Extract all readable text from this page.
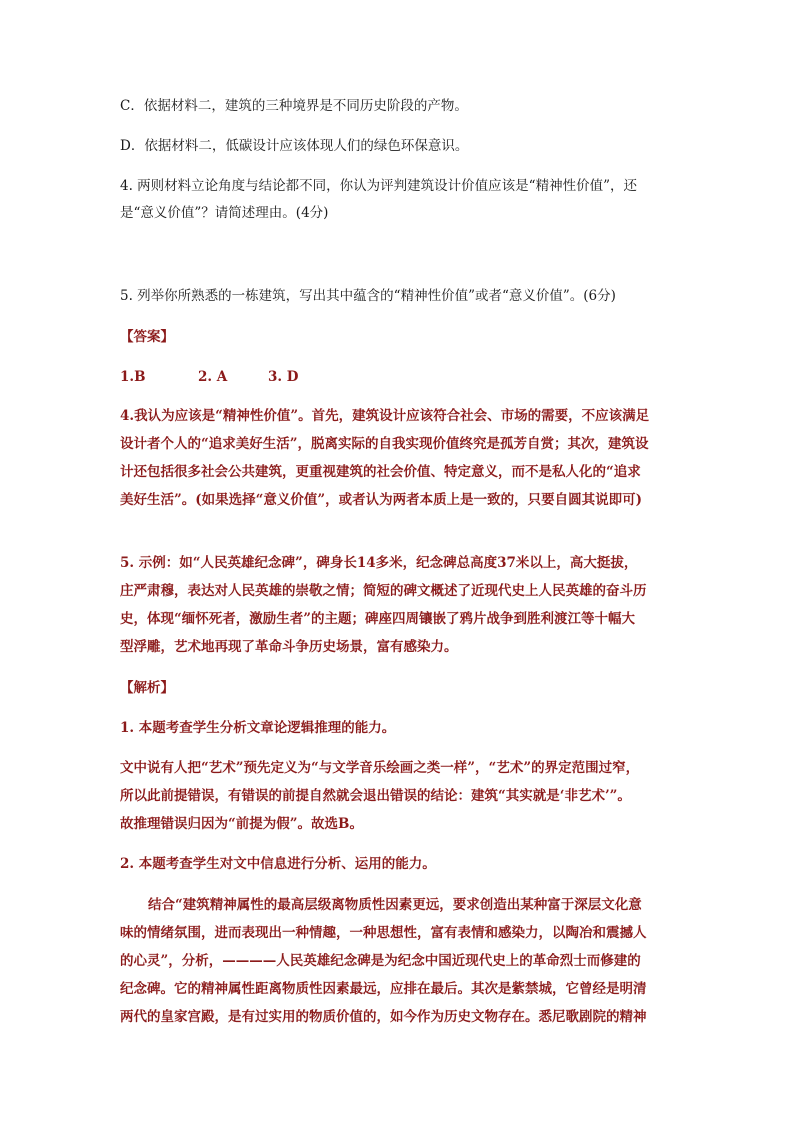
C．依据材料二，建筑的三种境界是不同历史阶段的产物。
D．依据材料二，低碳设计应该体现人们的绿色环保意识。
4. 两则材料立论角度与结论都不同，你认为评判建筑设计价值应该是“精神性价值”，还
是“意义价值”？请简述理由。(4分)
5. 列举你所熟悉的一栋建筑，写出其中蕴含的“精神性价值”或者“意义价值”。(6分)
【答案】
1.B	2. A	3. D
4.我认为应该是“精神性价值”。首先，建筑设计应该符合社会、市场的需要，不应该满足
设计者个人的“追求美好生活”，脱离实际的自我实现价值终究是孤芳自赏；其次，建筑设
计还包括很多社会公共建筑，更重视建筑的社会价值、特定意义，而不是私人化的“追求
美好生活”。(如果选择“意义价值”，或者认为两者本质上是一致的，只要自圆其说即可)
5. 示例：如“人民英雄纪念碑”，碑身长14多米，纪念碑总高度37米以上，高大挺拔，
庄严肃穆，表达对人民英雄的崇敬之情；简短的碑文概述了近现代史上人民英雄的奋斗历
史，体现“缅怀死者，激励生者”的主题；碑座四周镶嵌了鸦片战争到胜利渡江等十幅大
型浮雕，艺术地再现了革命斗争历史场景，富有感染力。
【解析】
1. 本题考查学生分析文章论逻辑推理的能力。
文中说有人把“艺术”预先定义为“与文学音乐绘画之类一样”，“艺术”的界定范围过窄，
所以此前提错误，有错误的前提自然就会退出错误的结论：建筑“其实就是‘非艺术’”。
故推理错误归因为“前提为假”。故选B。
2. 本题考查学生对文中信息进行分析、运用的能力。
结合“建筑精神属性的最高层级离物质性因素更远，要求创造出某种富于深层文化意
味的情绪氛围，进而表现出一种情趣，一种思想性，富有表情和感染力，以陶冶和震撼人
的心灵”，分析，————人民英雄纪念碑是为纪念中国近现代史上的革命烈士而修建的
纪念碑。它的精神属性距离物质性因素最远，应排在最后。其次是紫禁城，它曾经是明清
两代的皇家宫殿，是有过实用的物质价值的，如今作为历史文物存在。悉尼歌剧院的精神
